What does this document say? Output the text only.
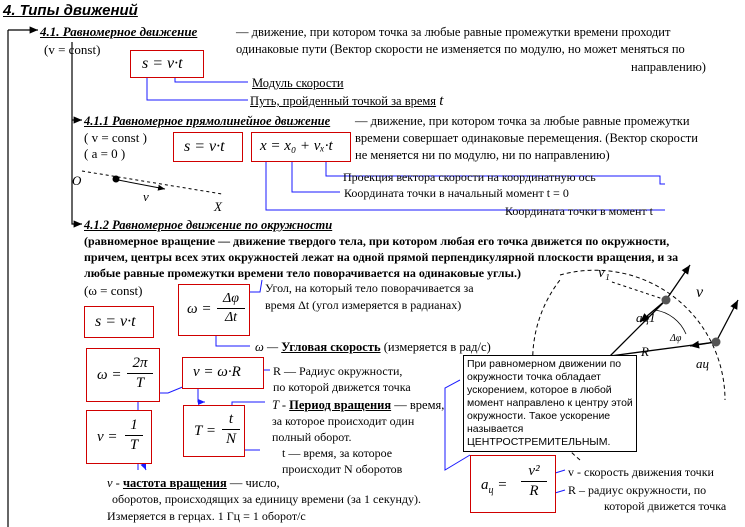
4. Типы движений
4.1. Равномерное движение	— движение, при котором точка за любые равные промежутки времени проходит
одинаковые пути (Вектор скорости не изменяется по модулю, но может меняться по
направлению)
(v = const)
s = v·t
Модуль скорости
Путь, пройденный точкой за время t
4.1.1 Равномерное прямолинейное движение — движение, при котором точка за любые равные промежутки
времени совершает одинаковые перемещения. (Вектор скорости
не меняется ни по модулю, ни по направлению)
( v = const )
( a = 0 )	s = v·t x = x₀ + vₓ·t
Проекция вектора скорости на координатную ось
Координата точки в начальный момент t = 0
Координата точки в момент t
O
X
v
4.1.2 Равномерное движение по окружности
(равномерное вращение — движение твердого тела, при котором любая его точка движется по окружности,
причем, центры всех этих окружностей лежат на одной прямой перпендикулярной плоскости вращения, и за
любые равные промежутки времени тело поворачивается на одинаковые углы.)
(ω = const)
s = v·t
ω =
Δφ
Δt
Угол, на который тело поворачивается за
время Δt (угол измеряется в радианах)
ω — Угловая скорость (измеряется в рад/с)
v = ω·R	R — Радиус окружности,
по которой движется точка
ω =
2π
T
T - Период вращения — время,
за которое происходит один
полный оборот.
T =
t
N
t — время, за которое
происходит N оборотов
ν =
1
T
ν - частота вращения — число,
оборотов, происходящих за единицу времени (за 1 секунду).
Измеряется в герцах. 1 Гц = 1 оборот/c
При равномерном движении по окружности точка обладает ускорением, которое в любой момент направлено к центру этой окружности. Такое ускорение называется ЦЕНТРОСТРЕМИТЕЛЬНЫМ.
$a_ц$ =
v²
R
v - скорость движения точки
R – радиус окружности, по
которой движется точка
v₁
v
aц1
aц
R
Δφ
